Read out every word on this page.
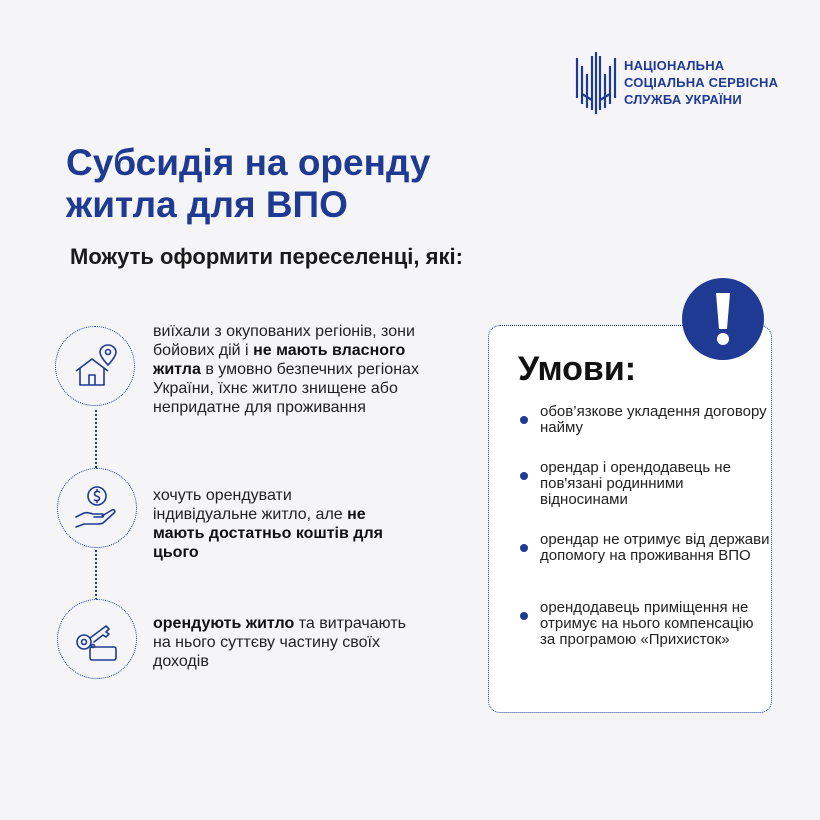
НАЦІОНАЛЬНА
СОЦІАЛЬНА СЕРВІСНА
СЛУЖБА УКРАЇНИ
Субсидія на оренду
житла для ВПО
Можуть оформити переселенці, які:
виїхали з окупованих регіонів, зони бойових дій і не мають власного житла в умовно безпечних регіонах України, їхнє житло знищене або непридатне для проживання
хочуть орендувати індивідуальне житло, але не мають достатньо коштів для цього
орендують житло та витрачають на нього суттєву частину своїх доходів
Умови:
обов’язкове укладення договору найму
орендар і орендодавець не пов'язані родинними відносинами
орендар не отримує від держави допомогу на проживання ВПО
орендодавець приміщення не отримує на нього компенсацію за програмою «Прихисток»
